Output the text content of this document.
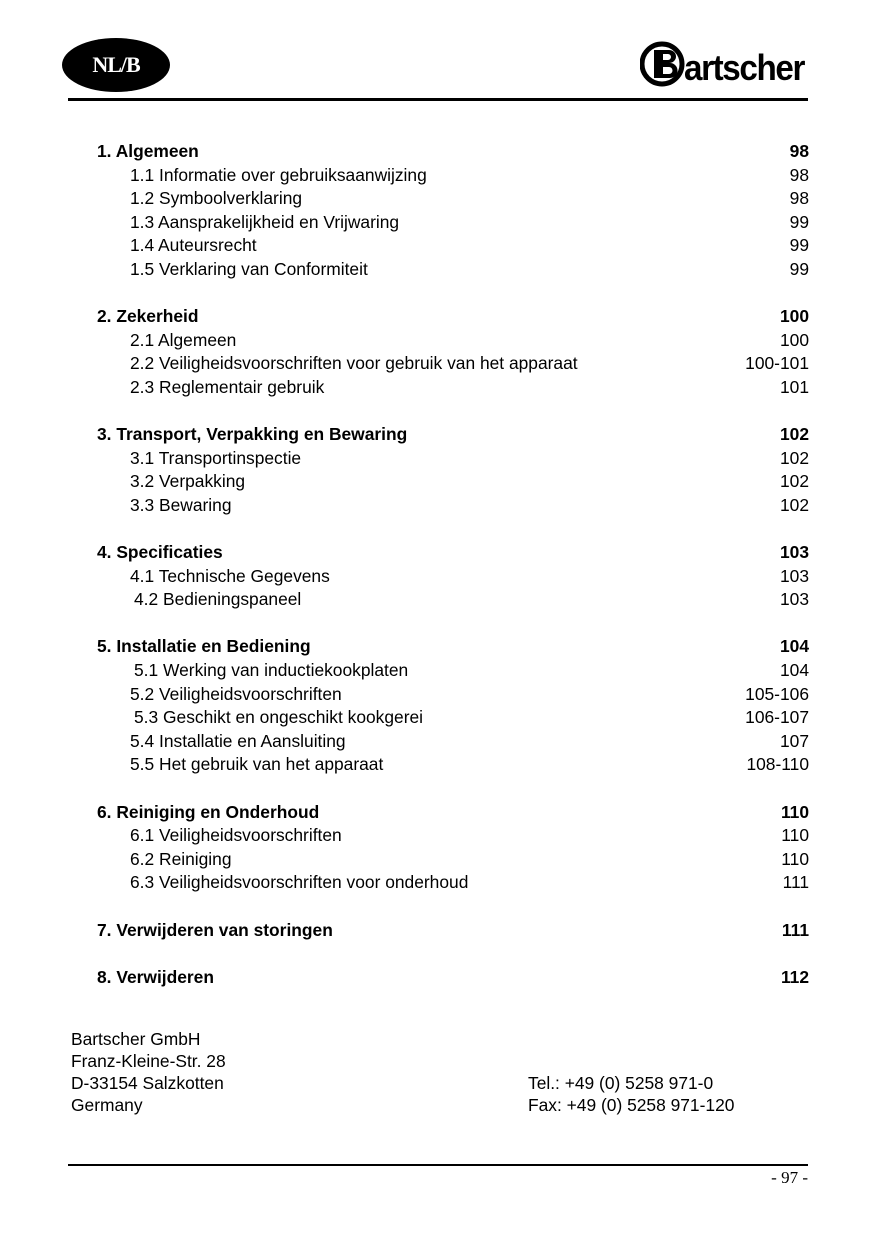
NL/B	artscher
1. Algemeen	98
1.1 Informatie over gebruiksaanwijzing	98
1.2 Symboolverklaring	98
1.3 Aansprakelijkheid en Vrijwaring	99
1.4 Auteursrecht	99
1.5 Verklaring van Conformiteit	99
2. Zekerheid	100
2.1 Algemeen	100
2.2 Veiligheidsvoorschriften voor gebruik van het apparaat	100-101
2.3 Reglementair gebruik	101
3. Transport, Verpakking en Bewaring	102
3.1 Transportinspectie	102
3.2 Verpakking	102
3.3 Bewaring	102
4. Specificaties	103
4.1 Technische Gegevens	103
4.2 Bedieningspaneel	103
5. Installatie en Bediening	104
5.1 Werking van inductiekookplaten	104
5.2 Veiligheidsvoorschriften	105-106
5.3 Geschikt en ongeschikt kookgerei	106-107
5.4 Installatie en Aansluiting	107
5.5 Het gebruik van het apparaat	108-110
6. Reiniging en Onderhoud	110
6.1 Veiligheidsvoorschriften	110
6.2 Reiniging	110
6.3 Veiligheidsvoorschriften voor onderhoud	111
7. Verwijderen van storingen	111
8. Verwijderen	112
Bartscher GmbH
Franz-Kleine-Str. 28
D-33154 Salzkotten
Germany
Tel.: +49 (0) 5258 971-0
Fax: +49 (0) 5258 971-120
- 97 -
